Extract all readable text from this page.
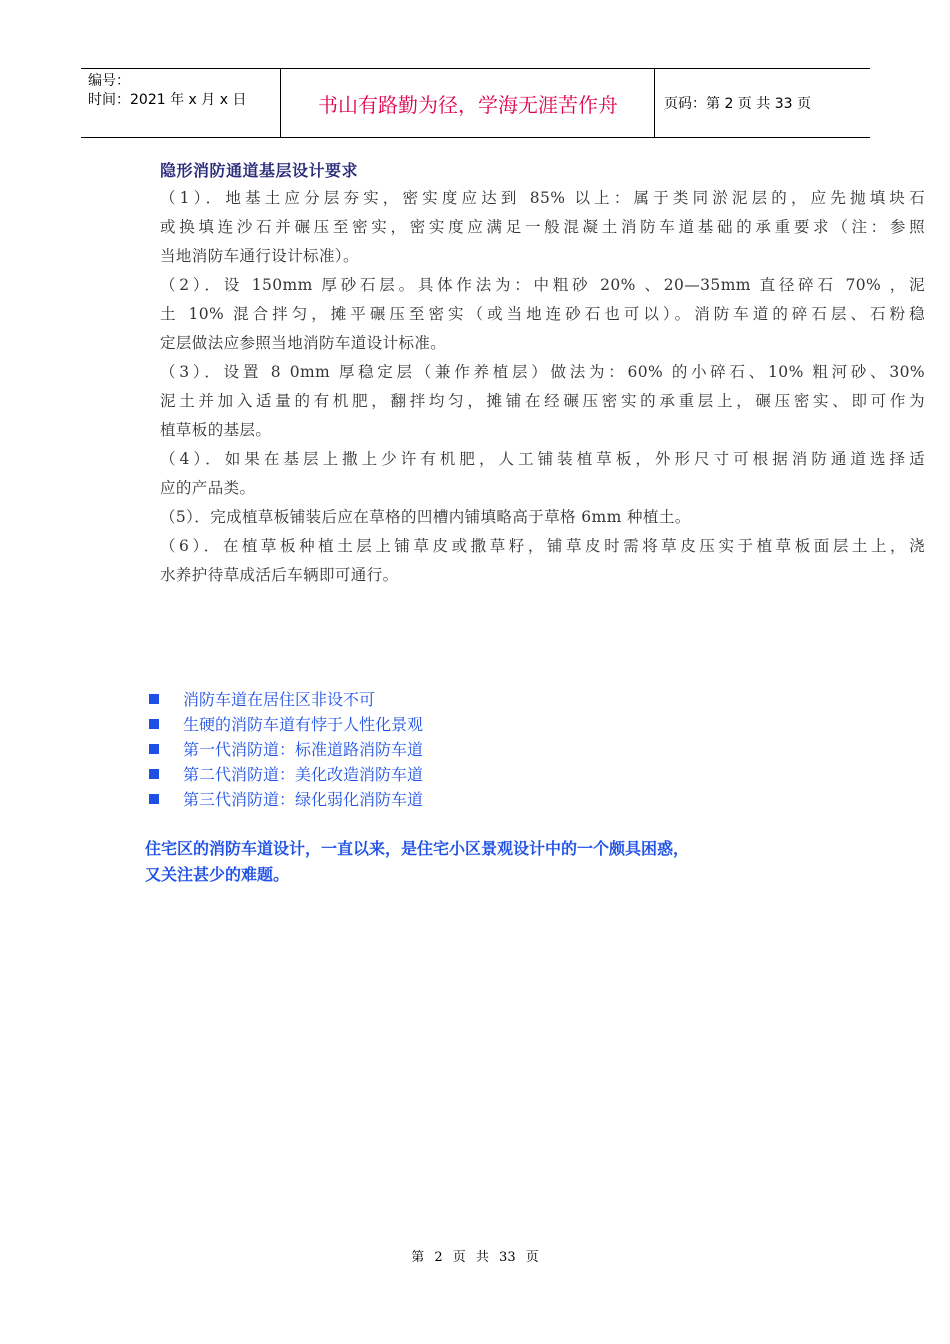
编号：
时间：2021 年 x 月 x 日	书山有路勤为径，学海无涯苦作舟	页码：第 2 页 共 33 页
隐形消防通道基层设计要求
（1）．地基土应分层夯实，密实度应达到 85% 以上：属于类同淤泥层的，应先抛填块石
或换填连沙石并碾压至密实，密实度应满足一般混凝土消防车道基础的承重要求（注：参照
当地消防车通行设计标准）。
（2）．设 150mm 厚砂石层。具体作法为：中粗砂 20% 、20—35mm 直径碎石 70% ，泥
土 10% 混合拌匀，摊平碾压至密实（或当地连砂石也可以）。消防车道的碎石层、石粉稳
定层做法应参照当地消防车道设计标准。
（3）．设置 8 0mm 厚稳定层（兼作养植层）做法为：60% 的小碎石、10% 粗河砂、30%
泥土并加入适量的有机肥，翻拌均匀，摊铺在经碾压密实的承重层上，碾压密实、即可作为
植草板的基层。
（4）．如果在基层上撒上少许有机肥，人工铺装植草板，外形尺寸可根据消防通道选择适
应的产品类。
（5）．完成植草板铺装后应在草格的凹槽内铺填略高于草格 6mm 种植土。
（6）．在植草板种植土层上铺草皮或撒草籽，铺草皮时需将草皮压实于植草板面层土上，浇
水养护待草成活后车辆即可通行。
消防车道在居住区非设不可
生硬的消防车道有悖于人性化景观
第一代消防道：标准道路消防车道
第二代消防道：美化改造消防车道
第三代消防道：绿化弱化消防车道
住宅区的消防车道设计，一直以来，是住宅小区景观设计中的一个颇具困惑，
又关注甚少的难题。
第 2 页 共 33 页
